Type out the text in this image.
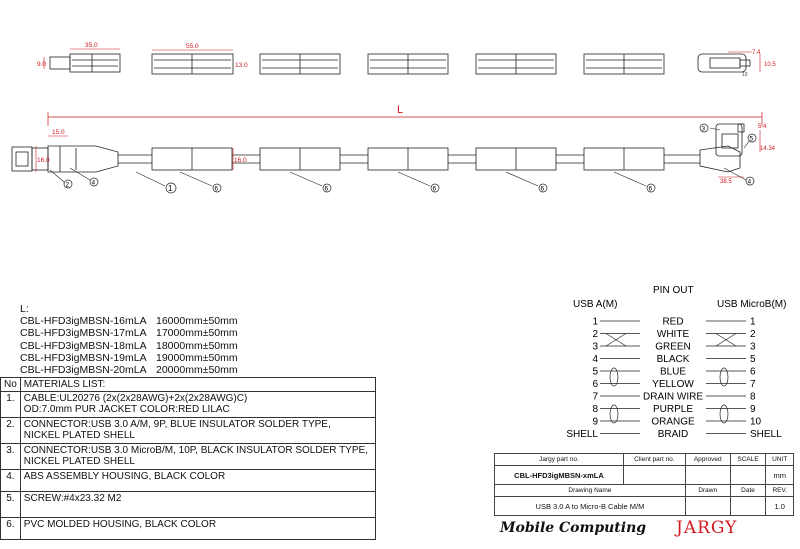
35.0
9.0
55.0
13.0
7.4
10.5
10
L
15.0
16.0	16.0
5.4
14.34
38.5
2	4
1	6	6	6	6	6
3
5
4
PIN OUT
USB A(M)	USB MicroB(M)
1	RED	1
2	WHITE	2
3	GREEN	3
4	BLACK	5
5	BLUE	6
6	YELLOW	7
7	DRAIN WIRE	8
8	PURPLE	9
9	ORANGE	10
SHELL	BRAID	SHELL
L:
CBL-HFD3igMBSN-16mLA 16000mm±50mm
CBL-HFD3igMBSN-17mLA 17000mm±50mm
CBL-HFD3igMBSN-18mLA 18000mm±50mm
CBL-HFD3igMBSN-19mLA 19000mm±50mm
CBL-HFD3igMBSN-20mLA 20000mm±50mm
No	MATERIALS LIST:
1.	CABLE:UL20276 (2x(2x28AWG)+2x(2x28AWG)C)
OD:7.0mm PUR JACKET COLOR:RED LILAC

2.	CONNECTOR:USB 3.0 A/M, 9P, BLUE INSULATOR SOLDER TYPE,
NICKEL PLATED SHELL

3.	CONNECTOR:USB 3.0 MicroB/M, 10P, BLACK INSULATOR SOLDER TYPE,
NICKEL PLATED SHELL

4.	ABS ASSEMBLY HOUSING, BLACK COLOR

5.	SCREW:#4x23.32 M2

6.	PVC MOLDED HOUSING, BLACK COLOR
Jargy part no.	Client part no.	Approved	SCALE	UNIT
CBL-HFD3igMBSN-xmLA				mm
Drawing Name		Drawn	Date	REV.
USB 3.0 A to Micro-B Cable M/M				1.0
Mobile Computing JARGY
